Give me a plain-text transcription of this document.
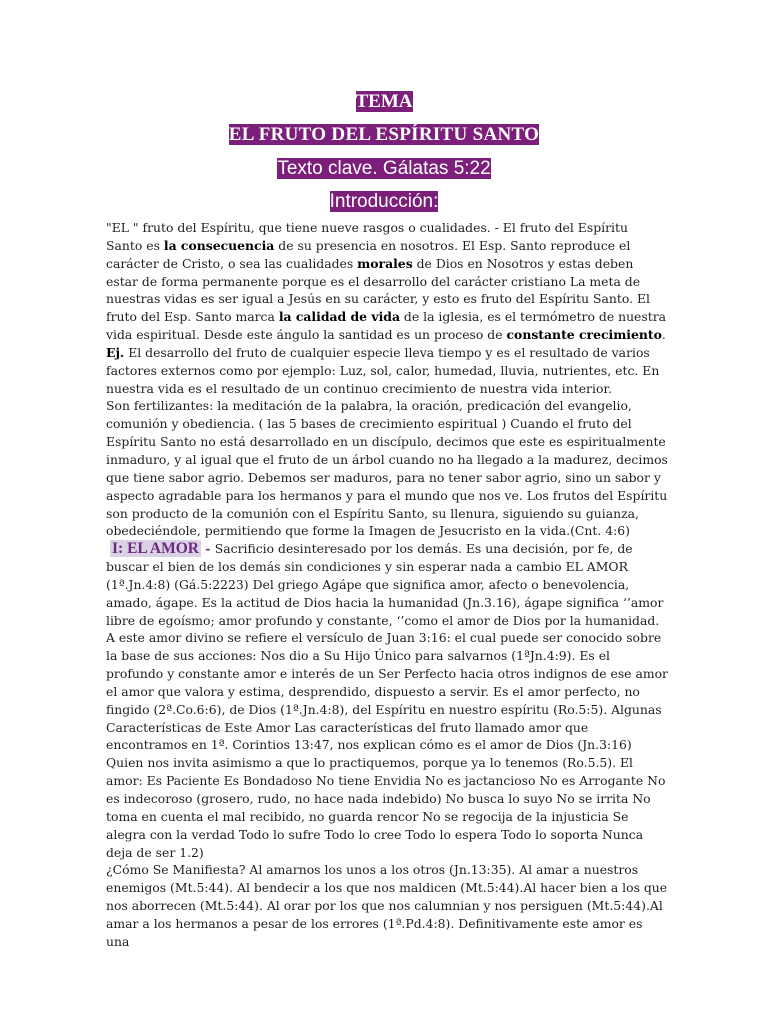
TEMA
EL FRUTO DEL ESPÍRITU SANTO
Texto clave. Gálatas 5:22
Introducción:

"EL " fruto del Espíritu, que tiene nueve rasgos o cualidades. - El fruto del Espíritu Santo es la consecuencia de su presencia en nosotros. El Esp. Santo reproduce el carácter de Cristo, o sea las cualidades morales de Dios en Nosotros y estas deben estar de forma permanente porque es el desarrollo del carácter cristiano La meta de nuestras vidas es ser igual a Jesús en su carácter, y esto es fruto del Espíritu Santo. El fruto del Esp. Santo marca la calidad de vida de la iglesia, es el termómetro de nuestra vida espiritual. Desde este ángulo la santidad es un proceso de constante crecimiento. Ej. El desarrollo del fruto de cualquier especie lleva tiempo y es el resultado de varios factores externos como por ejemplo: Luz, sol, calor, humedad, lluvia, nutrientes, etc. En nuestra vida es el resultado de un continuo crecimiento de nuestra vida interior.

Son fertilizantes: la meditación de la palabra, la oración, predicación del evangelio, comunión y obediencia. ( las 5 bases de crecimiento espiritual ) Cuando el fruto del Espíritu Santo no está desarrollado en un discípulo, decimos que este es espiritualmente inmaduro, y al igual que el fruto de un árbol cuando no ha llegado a la madurez, decimos que tiene sabor agrio. Debemos ser maduros, para no tener sabor agrio, sino un sabor y aspecto agradable para los hermanos y para el mundo que nos ve. Los frutos del Espíritu son producto de la comunión con el Espíritu Santo, su llenura, siguiendo su guianza, obedeciéndole, permitiendo que forme la Imagen de Jesucristo en la vida.(Cnt. 4:6)

I: EL AMOR - Sacrificio desinteresado por los demás. Es una decisión, por fe, de buscar el bien de los demás sin condiciones y sin esperar nada a cambio EL AMOR (1ª.Jn.4:8) (Gá.5:2223) Del griego Agápe que significa amor, afecto o benevolencia, amado, ágape. Es la actitud de Dios hacia la humanidad (Jn.3.16), ágape significa ‘’amor libre de egoísmo; amor profundo y constante, ‘’como el amor de Dios por la humanidad. A este amor divino se refiere el versículo de Juan 3:16: el cual puede ser conocido sobre la base de sus acciones: Nos dio a Su Hijo Único para salvarnos (1ªJn.4:9). Es el profundo y constante amor e interés de un Ser Perfecto hacia otros indignos de ese amor el amor que valora y estima, desprendido, dispuesto a servir. Es el amor perfecto, no fingido (2ª.Co.6:6), de Dios (1ª.Jn.4:8), del Espíritu en nuestro espíritu (Ro.5:5). Algunas Características de Este Amor Las características del fruto llamado amor que encontramos en 1ª. Corintios 13:47, nos explican cómo es el amor de Dios (Jn.3:16) Quien nos invita asimismo a que lo practiquemos, porque ya lo tenemos (Ro.5.5). El amor: Es Paciente Es Bondadoso No tiene Envidia No es jactancioso No es Arrogante No es indecoroso (grosero, rudo, no hace nada indebido) No busca lo suyo No se irrita No toma en cuenta el mal recibido, no guarda rencor No se regocija de la injusticia Se alegra con la verdad Todo lo sufre Todo lo cree Todo lo espera Todo lo soporta Nunca deja de ser 1.2)

¿Cómo Se Manifiesta? Al amarnos los unos a los otros (Jn.13:35). Al amar a nuestros enemigos (Mt.5:44). Al bendecir a los que nos maldicen (Mt.5:44).Al hacer bien a los que nos aborrecen (Mt.5:44). Al orar por los que nos calumnian y nos persiguen (Mt.5:44).Al amar a los hermanos a pesar de los errores (1ª.Pd.4:8). Definitivamente este amor es una
